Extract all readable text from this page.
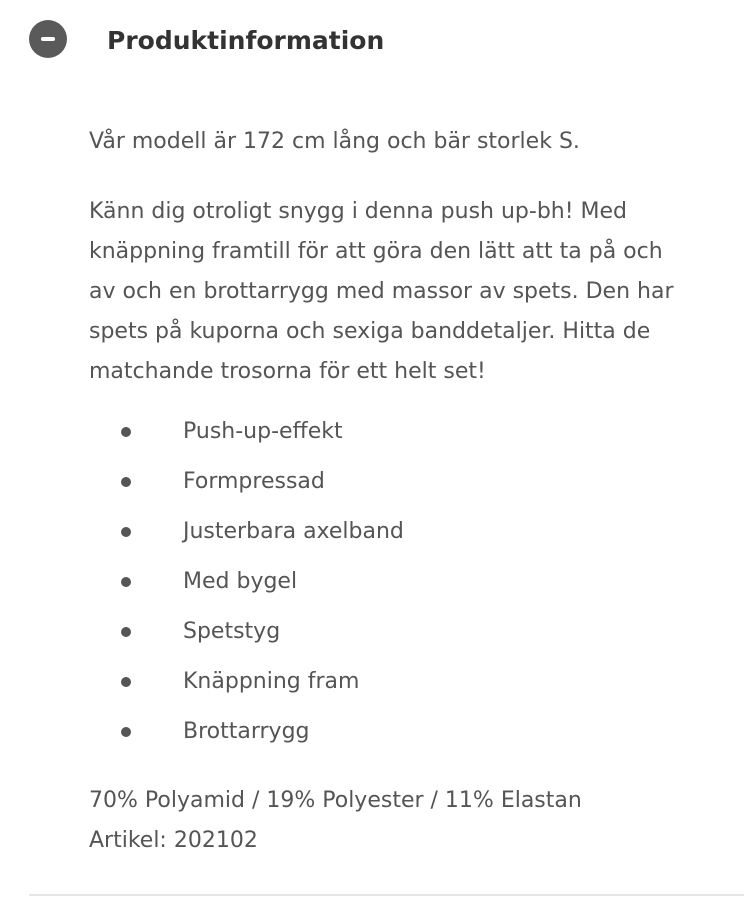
Produktinformation

Vår modell är 172 cm lång och bär storlek S.

Känn dig otroligt snygg i denna push up-bh! Med
knäppning framtill för att göra den lätt att ta på och
av och en brottarrygg med massor av spets. Den har
spets på kuporna och sexiga banddetaljer. Hitta de
matchande trosorna för ett helt set!

Push-up-effekt
Formpressad
Justerbara axelband
Med bygel
Spetstyg
Knäppning fram
Brottarrygg

70% Polyamid / 19% Polyester / 11% Elastan

Artikel: 202102
